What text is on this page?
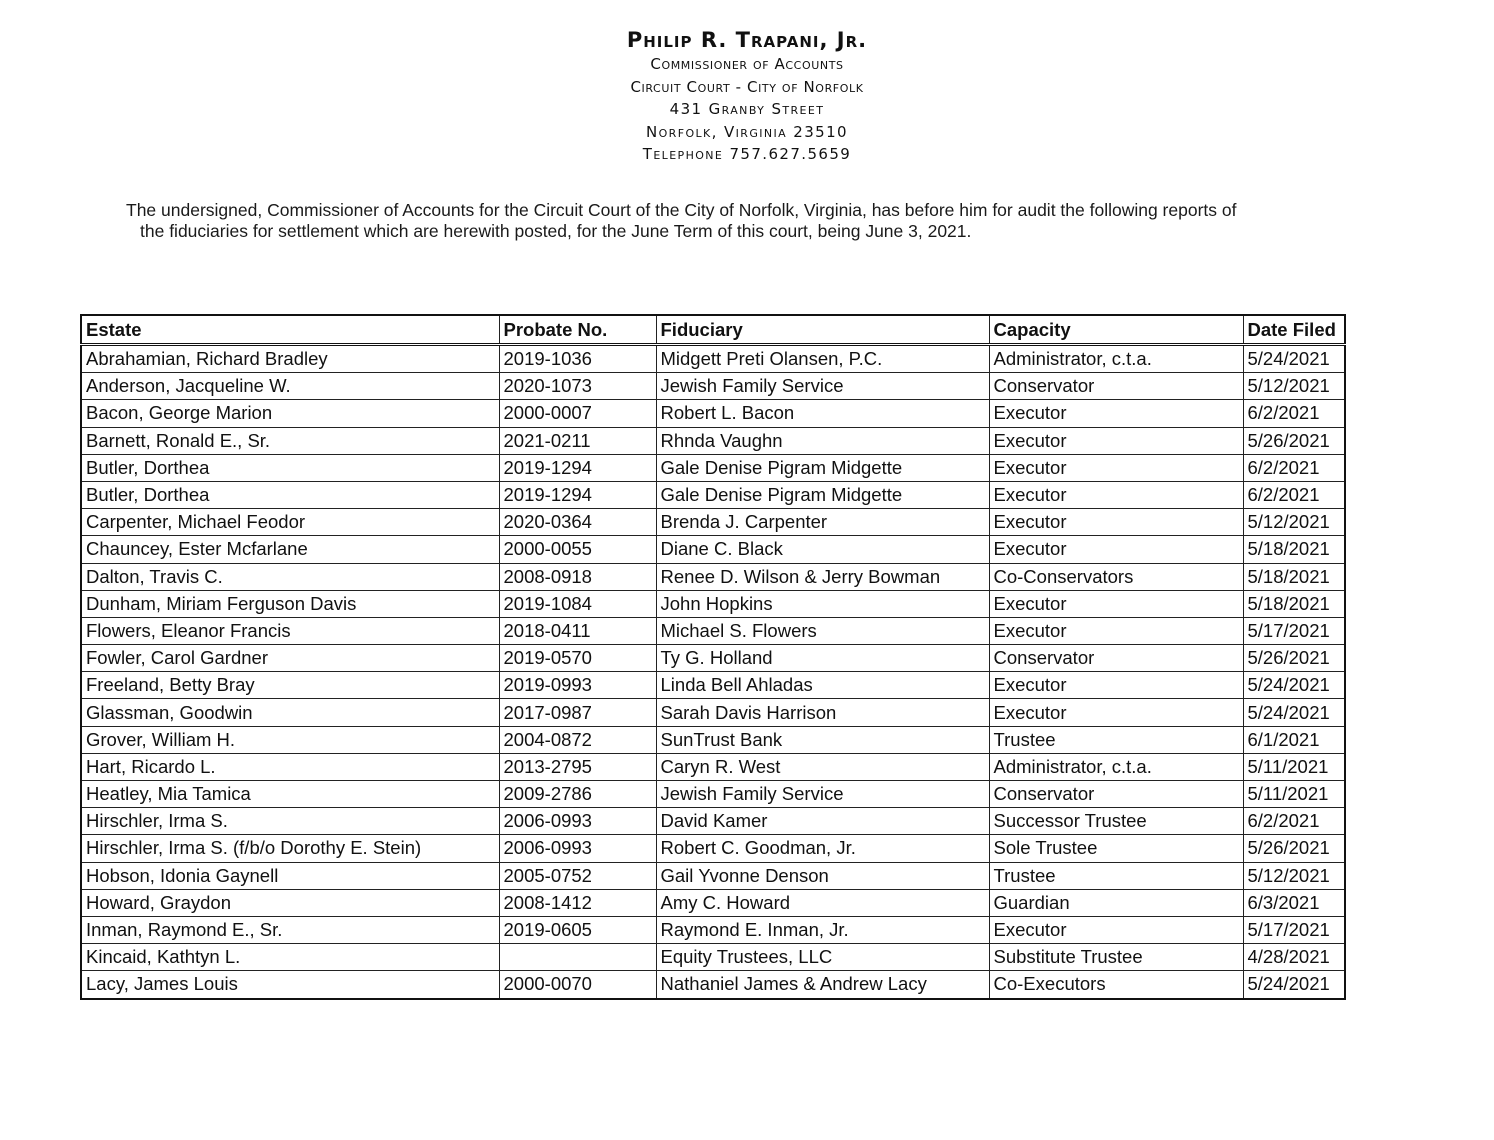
Philip R. Trapani, Jr.
Commissioner of Accounts
Circuit Court - City of Norfolk
431 Granby Street
Norfolk, Virginia 23510
Telephone 757.627.5659
The undersigned, Commissioner of Accounts for the Circuit Court of the City of Norfolk, Virginia, has before him for audit the following reports of
the fiduciaries for settlement which are herewith posted, for the June Term of this court, being June 3, 2021.
Estate	Probate No.	Fiduciary	Capacity	Date Filed
Abrahamian, Richard Bradley	2019-1036	Midgett Preti Olansen, P.C.	Administrator, c.t.a.	5/24/2021
Anderson, Jacqueline W.	2020-1073	Jewish Family Service	Conservator	5/12/2021
Bacon, George Marion	2000-0007	Robert L. Bacon	Executor	6/2/2021
Barnett, Ronald E., Sr.	2021-0211	Rhnda Vaughn	Executor	5/26/2021
Butler, Dorthea	2019-1294	Gale Denise Pigram Midgette	Executor	6/2/2021
Butler, Dorthea	2019-1294	Gale Denise Pigram Midgette	Executor	6/2/2021
Carpenter, Michael Feodor	2020-0364	Brenda J. Carpenter	Executor	5/12/2021
Chauncey, Ester Mcfarlane	2000-0055	Diane C. Black	Executor	5/18/2021
Dalton, Travis C.	2008-0918	Renee D. Wilson & Jerry Bowman	Co-Conservators	5/18/2021
Dunham, Miriam Ferguson Davis	2019-1084	John Hopkins	Executor	5/18/2021
Flowers, Eleanor Francis	2018-0411	Michael S. Flowers	Executor	5/17/2021
Fowler, Carol Gardner	2019-0570	Ty G. Holland	Conservator	5/26/2021
Freeland, Betty Bray	2019-0993	Linda Bell Ahladas	Executor	5/24/2021
Glassman, Goodwin	2017-0987	Sarah Davis Harrison	Executor	5/24/2021
Grover, William H.	2004-0872	SunTrust Bank	Trustee	6/1/2021
Hart, Ricardo L.	2013-2795	Caryn R. West	Administrator, c.t.a.	5/11/2021
Heatley, Mia Tamica	2009-2786	Jewish Family Service	Conservator	5/11/2021
Hirschler, Irma S.	2006-0993	David Kamer	Successor Trustee	6/2/2021
Hirschler, Irma S. (f/b/o Dorothy E. Stein)	2006-0993	Robert C. Goodman, Jr.	Sole Trustee	5/26/2021
Hobson, Idonia Gaynell	2005-0752	Gail Yvonne Denson	Trustee	5/12/2021
Howard, Graydon	2008-1412	Amy C. Howard	Guardian	6/3/2021
Inman, Raymond E., Sr.	2019-0605	Raymond E. Inman, Jr.	Executor	5/17/2021
Kincaid, Kathtyn L.		Equity Trustees, LLC	Substitute Trustee	4/28/2021
Lacy, James Louis	2000-0070	Nathaniel James & Andrew Lacy	Co-Executors	5/24/2021
